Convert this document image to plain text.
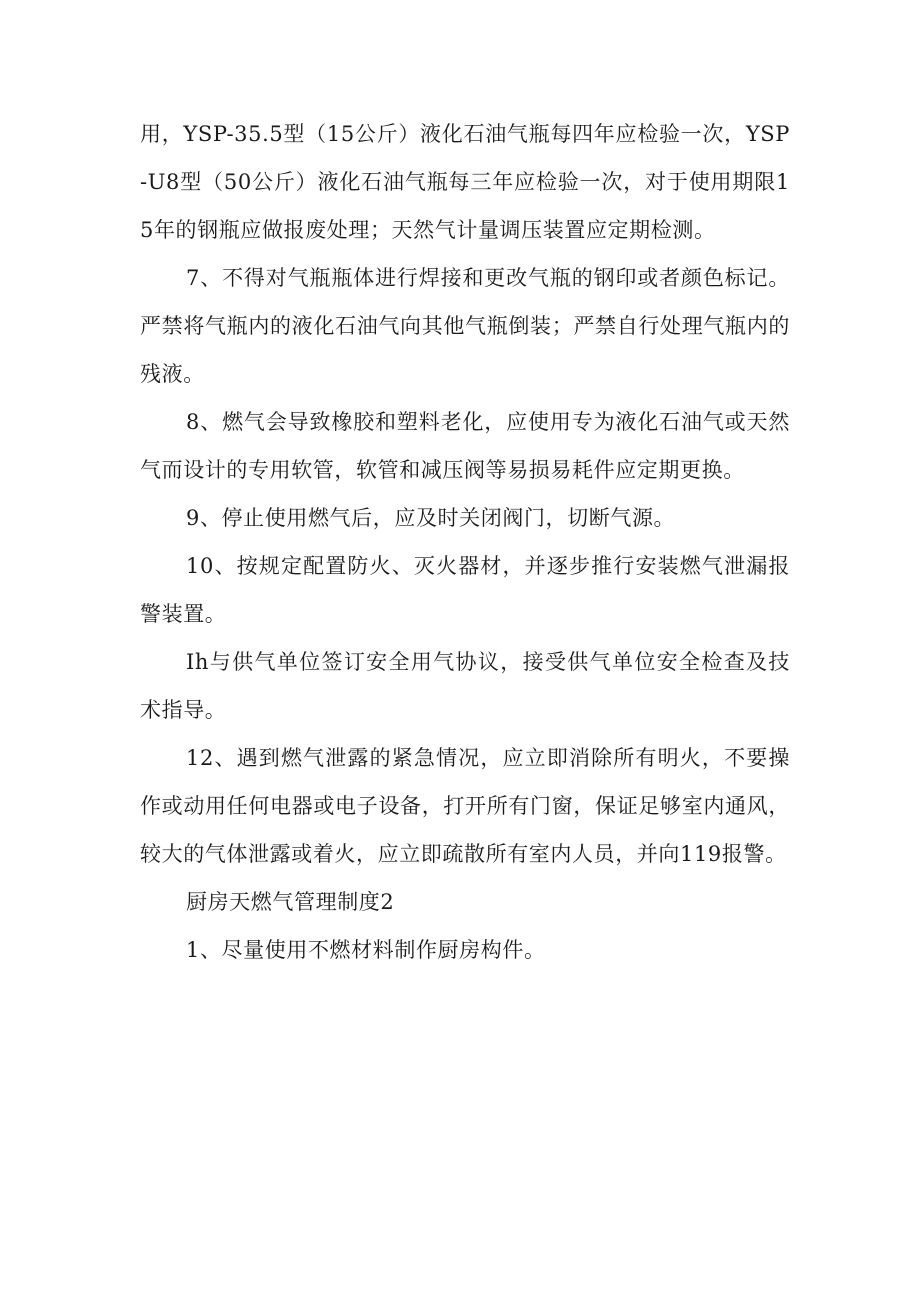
用，YSP-35.5型（15公斤）液化石油气瓶每四年应检验一次，YSP-U8型（50公斤）液化石油气瓶每三年应检验一次，对于使用期限15年的钢瓶应做报废处理；天然气计量调压装置应定期检测。

7、不得对气瓶瓶体进行焊接和更改气瓶的钢印或者颜色标记。严禁将气瓶内的液化石油气向其他气瓶倒装；严禁自行处理气瓶内的残液。

8、燃气会导致橡胶和塑料老化，应使用专为液化石油气或天然气而设计的专用软管，软管和减压阀等易损易耗件应定期更换。

9、停止使用燃气后，应及时关闭阀门，切断气源。

10、按规定配置防火、灭火器材，并逐步推行安装燃气泄漏报警装置。

Ih与供气单位签订安全用气协议，接受供气单位安全检查及技术指导。

12、遇到燃气泄露的紧急情况，应立即消除所有明火，不要操作或动用任何电器或电子设备，打开所有门窗，保证足够室内通风，较大的气体泄露或着火，应立即疏散所有室内人员，并向119报警。

厨房天燃气管理制度2

1、尽量使用不燃材料制作厨房构件。
